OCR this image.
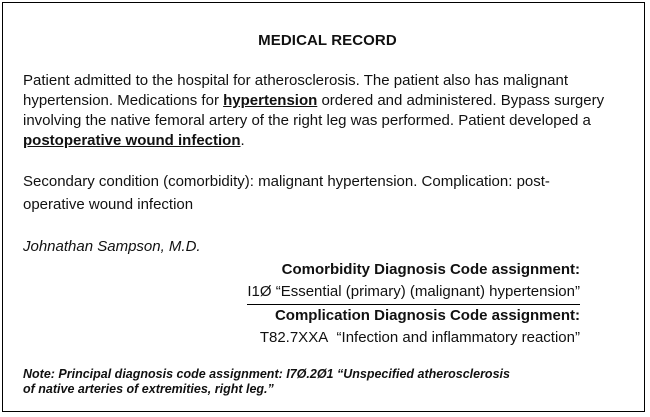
MEDICAL RECORD
Patient admitted to the hospital for atherosclerosis. The patient also has malignant hypertension. Medications for hypertension ordered and administered. Bypass surgery involving the native femoral artery of the right leg was performed. Patient developed a postoperative wound infection.
Secondary condition (comorbidity): malignant hypertension. Complication: post-
operative wound infection
Johnathan Sampson, M.D.
Comorbidity Diagnosis Code assignment:
I1Ø “Essential (primary) (malignant) hypertension”
Complication Diagnosis Code assignment:
T82.7XXA “Infection and inflammatory reaction”
Note: Principal diagnosis code assignment: I7Ø.2Ø1 “Unspecified atherosclerosis
of native arteries of extremities, right leg.”
